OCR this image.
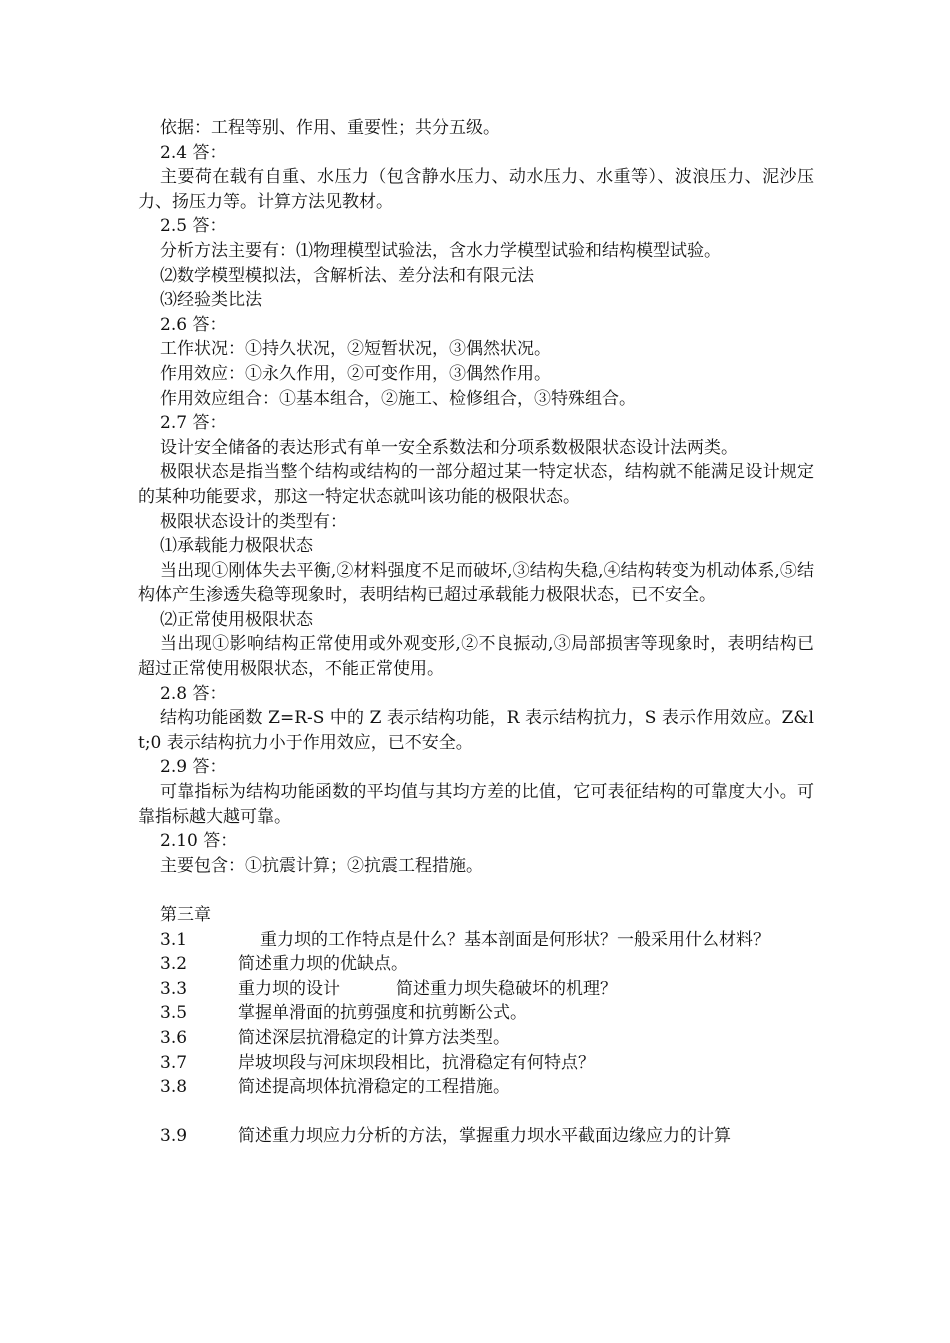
依据：工程等别、作用、重要性；共分五级。

2.4 答：

主要荷在载有自重、水压力（包含静水压力、动水压力、水重等）、波浪压力、泥沙压力、扬压力等。计算方法见教材。

2.5 答：

分析方法主要有：⑴物理模型试验法，含水力学模型试验和结构模型试验。

⑵数学模型模拟法，含解析法、差分法和有限元法

⑶经验类比法

2.6 答：

工作状况：①持久状况，②短暂状况，③偶然状况。

作用效应：①永久作用，②可变作用，③偶然作用。

作用效应组合：①基本组合，②施工、检修组合，③特殊组合。

2.7 答：

设计安全储备的表达形式有单一安全系数法和分项系数极限状态设计法两类。

极限状态是指当整个结构或结构的一部分超过某一特定状态，结构就不能满足设计规定的某种功能要求，那这一特定状态就叫该功能的极限状态。

极限状态设计的类型有：

⑴承载能力极限状态

当出现①刚体失去平衡,②材料强度不足而破坏,③结构失稳,④结构转变为机动体系,⑤结构体产生渗透失稳等现象时，表明结构已超过承载能力极限状态，已不安全。

⑵正常使用极限状态

当出现①影响结构正常使用或外观变形,②不良振动,③局部损害等现象时，表明结构已超过正常使用极限状态，不能正常使用。

2.8 答：

结构功能函数 Z=R-S 中的 Z 表示结构功能，R 表示结构抗力，S 表示作用效应。Z&lt;0 表示结构抗力小于作用效应，已不安全。

2.9 答：

可靠指标为结构功能函数的平均值与其均方差的比值，它可表征结构的可靠度大小。可靠指标越大越可靠。

2.10 答：

主要包含：①抗震计算；②抗震工程措施。

第三章

3.1	重力坝的工作特点是什么？基本剖面是何形状？一般采用什么材料？

3.2	简述重力坝的优缺点。
3.3	重力坝的设计	简述重力坝失稳破坏的机理？
3.5	掌握单滑面的抗剪强度和抗剪断公式。
3.6	简述深层抗滑稳定的计算方法类型。
3.7	岸坡坝段与河床坝段相比，抗滑稳定有何特点？
3.8	简述提高坝体抗滑稳定的工程措施。
3.9	简述重力坝应力分析的方法，掌握重力坝水平截面边缘应力的计算
